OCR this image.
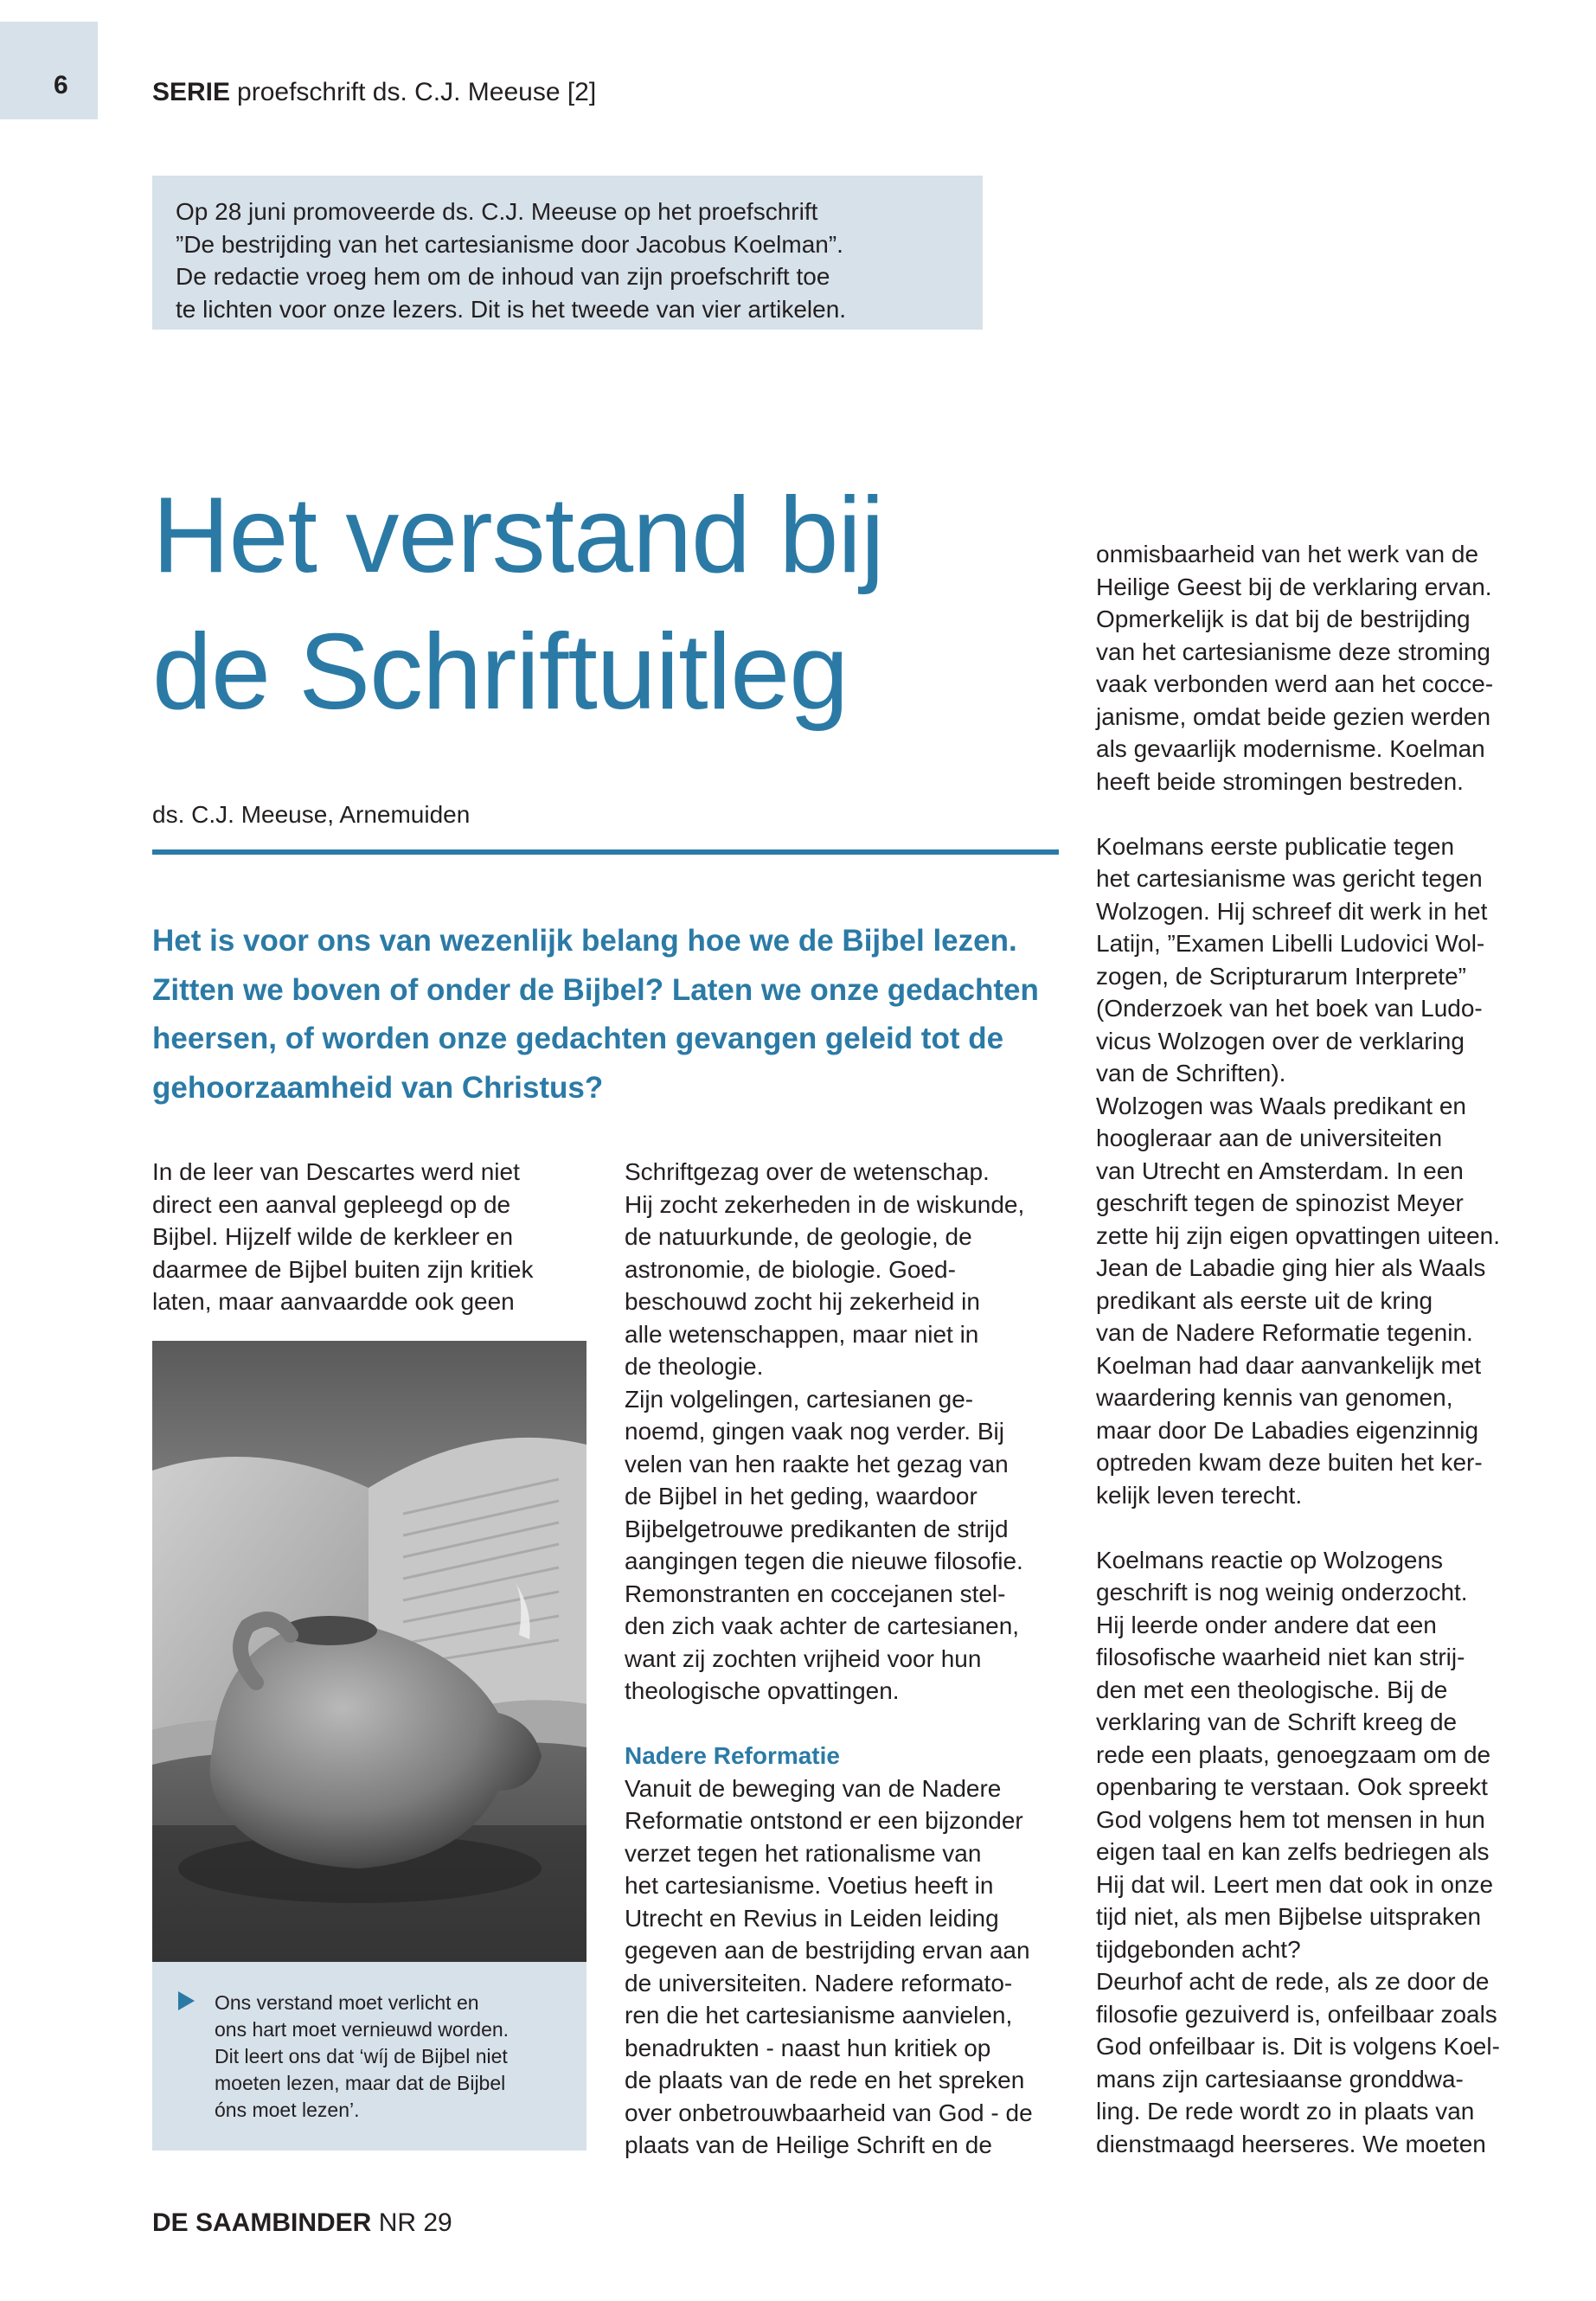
6	SERIE proefschrift ds. C.J. Meeuse [2]

Op 28 juni promoveerde ds. C.J. Meeuse op het proefschrift

”De bestrijding van het cartesianisme door Jacobus Koelman”.

De redactie vroeg hem om de inhoud van zijn proefschrift toe

te lichten voor onze lezers. Dit is het tweede van vier artikelen.

Het verstand bij
de Schriftuitleg
ds. C.J. Meeuse, Arnemuiden

Het is voor ons van wezenlijk belang hoe we de Bijbel lezen.
Zitten we boven of onder de Bijbel? Laten we onze gedachten
heersen, of worden onze gedachten gevangen geleid tot de
gehoorzaamheid van Christus?

In de leer van Descartes werd niet
direct een aanval gepleegd op de
Bijbel. Hijzelf wilde de kerkleer en
daarmee de Bijbel buiten zijn kritiek
laten, maar aanvaardde ook geen
Ons verstand moet verlicht en
ons hart moet vernieuwd worden.
Dit leert ons dat ‘wíj de Bijbel niet
moeten lezen, maar dat de Bijbel
óns moet lezen’.
Schriftgezag over de wetenschap.
Hij zocht zekerheden in de wiskunde,
de natuurkunde, de geologie, de
astronomie, de biologie. Goed-
beschouwd zocht hij zekerheid in
alle wetenschappen, maar niet in
de theologie.
Zijn volgelingen, cartesianen ge-
noemd, gingen vaak nog verder. Bij
velen van hen raakte het gezag van
de Bijbel in het geding, waardoor
Bijbelgetrouwe predikanten de strijd
aangingen tegen die nieuwe filosofie.
Remonstranten en coccejanen stel-
den zich vaak achter de cartesianen,
want zij zochten vrijheid voor hun
theologische opvattingen.
Nadere Reformatie
Vanuit de beweging van de Nadere
Reformatie ontstond er een bijzonder
verzet tegen het rationalisme van
het cartesianisme. Voetius heeft in
Utrecht en Revius in Leiden leiding
gegeven aan de bestrijding ervan aan
de universiteiten. Nadere reformato-
ren die het cartesianisme aanvielen,
benadrukten - naast hun kritiek op
de plaats van de rede en het spreken
over onbetrouwbaarheid van God - de
plaats van de Heilige Schrift en de
onmisbaarheid van het werk van de
Heilige Geest bij de verklaring ervan.
Opmerkelijk is dat bij de bestrijding
van het cartesianisme deze stroming
vaak verbonden werd aan het cocce-
janisme, omdat beide gezien werden
als gevaarlijk modernisme. Koelman
heeft beide stromingen bestreden.
Koelmans eerste publicatie tegen
het cartesianisme was gericht tegen
Wolzogen. Hij schreef dit werk in het
Latijn, ”Examen Libelli Ludovici Wol-
zogen, de Scripturarum Interprete”
(Onderzoek van het boek van Ludo-
vicus Wolzogen over de verklaring
van de Schriften).
Wolzogen was Waals predikant en
hoogleraar aan de universiteiten
van Utrecht en Amsterdam. In een
geschrift tegen de spinozist Meyer
zette hij zijn eigen opvattingen uiteen.
Jean de Labadie ging hier als Waals
predikant als eerste uit de kring
van de Nadere Reformatie tegenin.
Koelman had daar aanvankelijk met
waardering kennis van genomen,
maar door De Labadies eigenzinnig
optreden kwam deze buiten het ker-
kelijk leven terecht.
Koelmans reactie op Wolzogens
geschrift is nog weinig onderzocht.
Hij leerde onder andere dat een
filosofische waarheid niet kan strij-
den met een theologische. Bij de
verklaring van de Schrift kreeg de
rede een plaats, genoegzaam om de
openbaring te verstaan. Ook spreekt
God volgens hem tot mensen in hun
eigen taal en kan zelfs bedriegen als
Hij dat wil. Leert men dat ook in onze
tijd niet, als men Bijbelse uitspraken
tijdgebonden acht?
Deurhof acht de rede, als ze door de
filosofie gezuiverd is, onfeilbaar zoals
God onfeilbaar is. Dit is volgens Koel-
mans zijn cartesiaanse gronddwa-
ling. De rede wordt zo in plaats van
dienstmaagd heerseres. We moeten
DE SAAMBINDER NR 29
